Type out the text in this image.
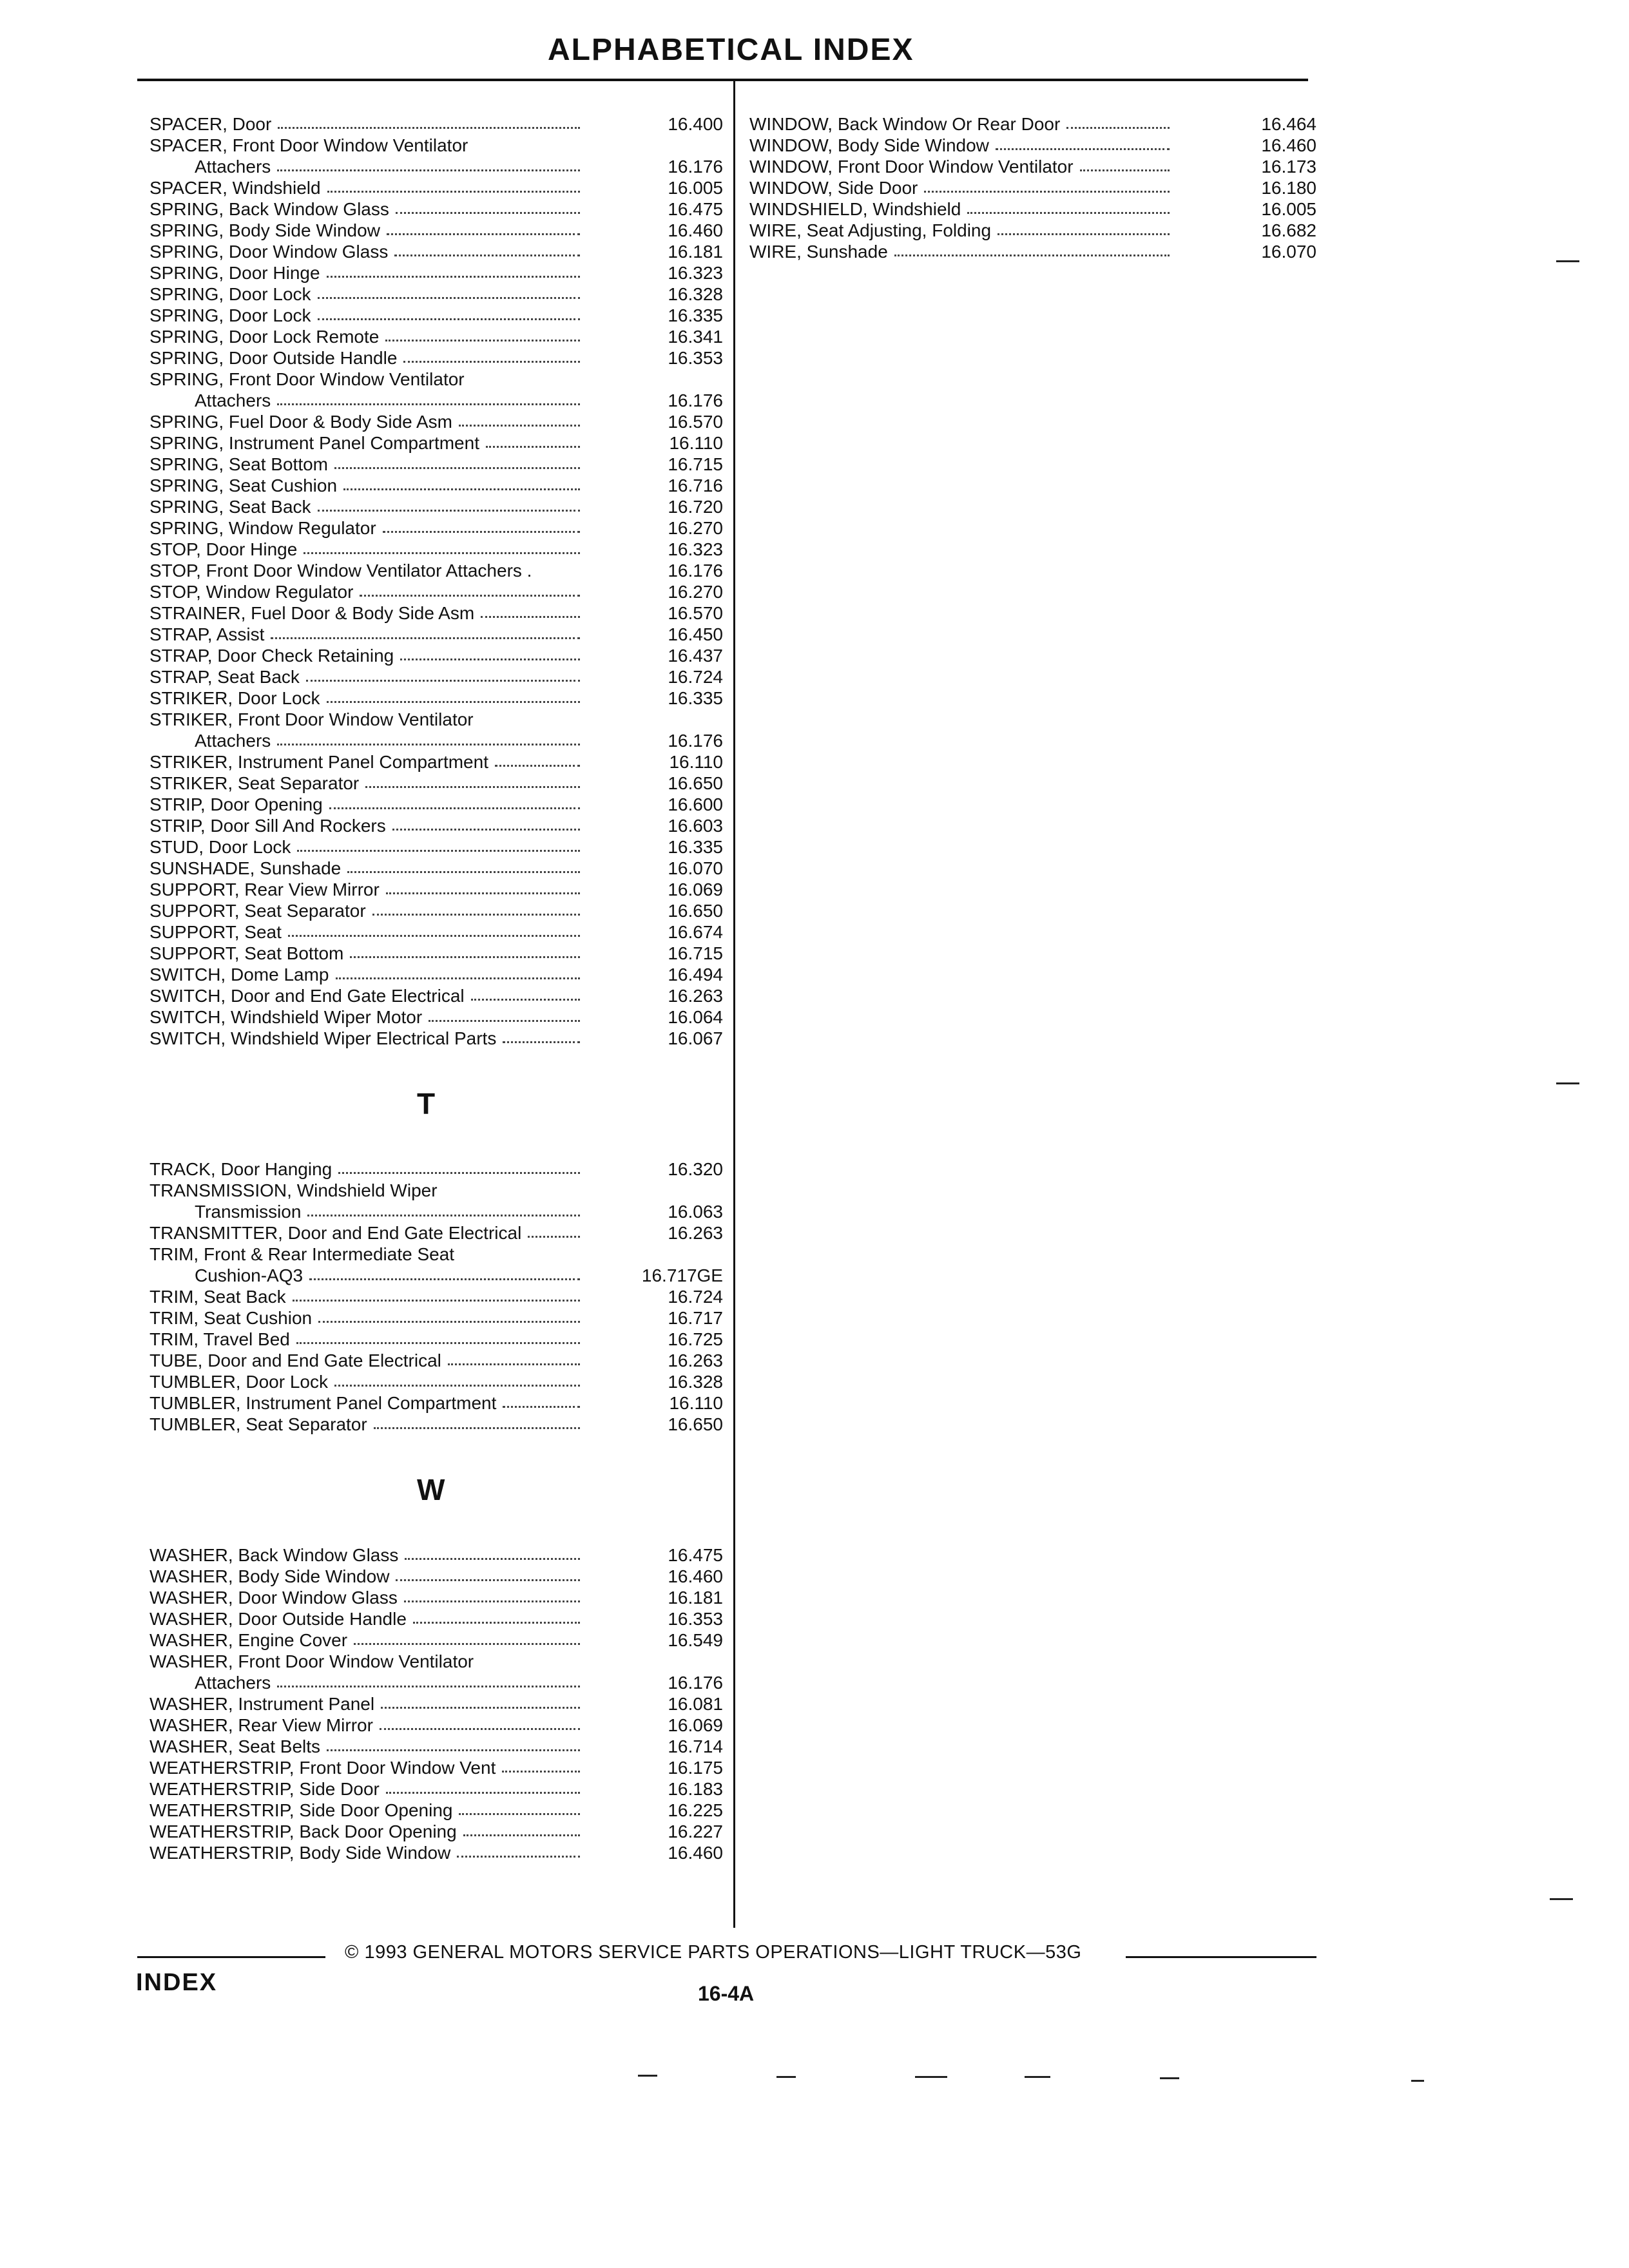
ALPHABETICAL INDEX
SPACER, Door	16.400
SPACER, Front Door Window Ventilator
Attachers	16.176
SPACER, Windshield	16.005
SPRING, Back Window Glass	16.475
SPRING, Body Side Window	16.460
SPRING, Door Window Glass	16.181
SPRING, Door Hinge	16.323
SPRING, Door Lock	16.328
SPRING, Door Lock	16.335
SPRING, Door Lock Remote	16.341
SPRING, Door Outside Handle	16.353
SPRING, Front Door Window Ventilator
Attachers	16.176
SPRING, Fuel Door & Body Side Asm	16.570
SPRING, Instrument Panel Compartment	16.110
SPRING, Seat Bottom	16.715
SPRING, Seat Cushion	16.716
SPRING, Seat Back	16.720
SPRING, Window Regulator	16.270
STOP, Door Hinge	16.323
STOP, Front Door Window Ventilator Attachers .	16.176
STOP, Window Regulator	16.270
STRAINER, Fuel Door & Body Side Asm	16.570
STRAP, Assist	16.450
STRAP, Door Check Retaining	16.437
STRAP, Seat Back	16.724
STRIKER, Door Lock	16.335
STRIKER, Front Door Window Ventilator
Attachers	16.176
STRIKER, Instrument Panel Compartment	16.110
STRIKER, Seat Separator	16.650
STRIP, Door Opening	16.600
STRIP, Door Sill And Rockers	16.603
STUD, Door Lock	16.335
SUNSHADE, Sunshade	16.070
SUPPORT, Rear View Mirror	16.069
SUPPORT, Seat Separator	16.650
SUPPORT, Seat	16.674
SUPPORT, Seat Bottom	16.715
SWITCH, Dome Lamp	16.494
SWITCH, Door and End Gate Electrical	16.263
SWITCH, Windshield Wiper Motor	16.064
SWITCH, Windshield Wiper Electrical Parts	16.067
T
TRACK, Door Hanging	16.320
TRANSMISSION, Windshield Wiper
Transmission	16.063
TRANSMITTER, Door and End Gate Electrical	16.263
TRIM, Front & Rear Intermediate Seat
Cushion-AQ3	16.717GE
TRIM, Seat Back	16.724
TRIM, Seat Cushion	16.717
TRIM, Travel Bed	16.725
TUBE, Door and End Gate Electrical	16.263
TUMBLER, Door Lock	16.328
TUMBLER, Instrument Panel Compartment	16.110
TUMBLER, Seat Separator	16.650
W
WASHER, Back Window Glass	16.475
WASHER, Body Side Window	16.460
WASHER, Door Window Glass	16.181
WASHER, Door Outside Handle	16.353
WASHER, Engine Cover	16.549
WASHER, Front Door Window Ventilator
Attachers	16.176
WASHER, Instrument Panel	16.081
WASHER, Rear View Mirror	16.069
WASHER, Seat Belts	16.714
WEATHERSTRIP, Front Door Window Vent	16.175
WEATHERSTRIP, Side Door	16.183
WEATHERSTRIP, Side Door Opening	16.225
WEATHERSTRIP, Back Door Opening	16.227
WEATHERSTRIP, Body Side Window	16.460
WINDOW, Back Window Or Rear Door	16.464
WINDOW, Body Side Window	16.460
WINDOW, Front Door Window Ventilator	16.173
WINDOW, Side Door	16.180
WINDSHIELD, Windshield	16.005
WIRE, Seat Adjusting, Folding	16.682
WIRE, Sunshade	16.070
© 1993 GENERAL MOTORS SERVICE PARTS OPERATIONS—LIGHT TRUCK—53G
INDEX	16-4A
